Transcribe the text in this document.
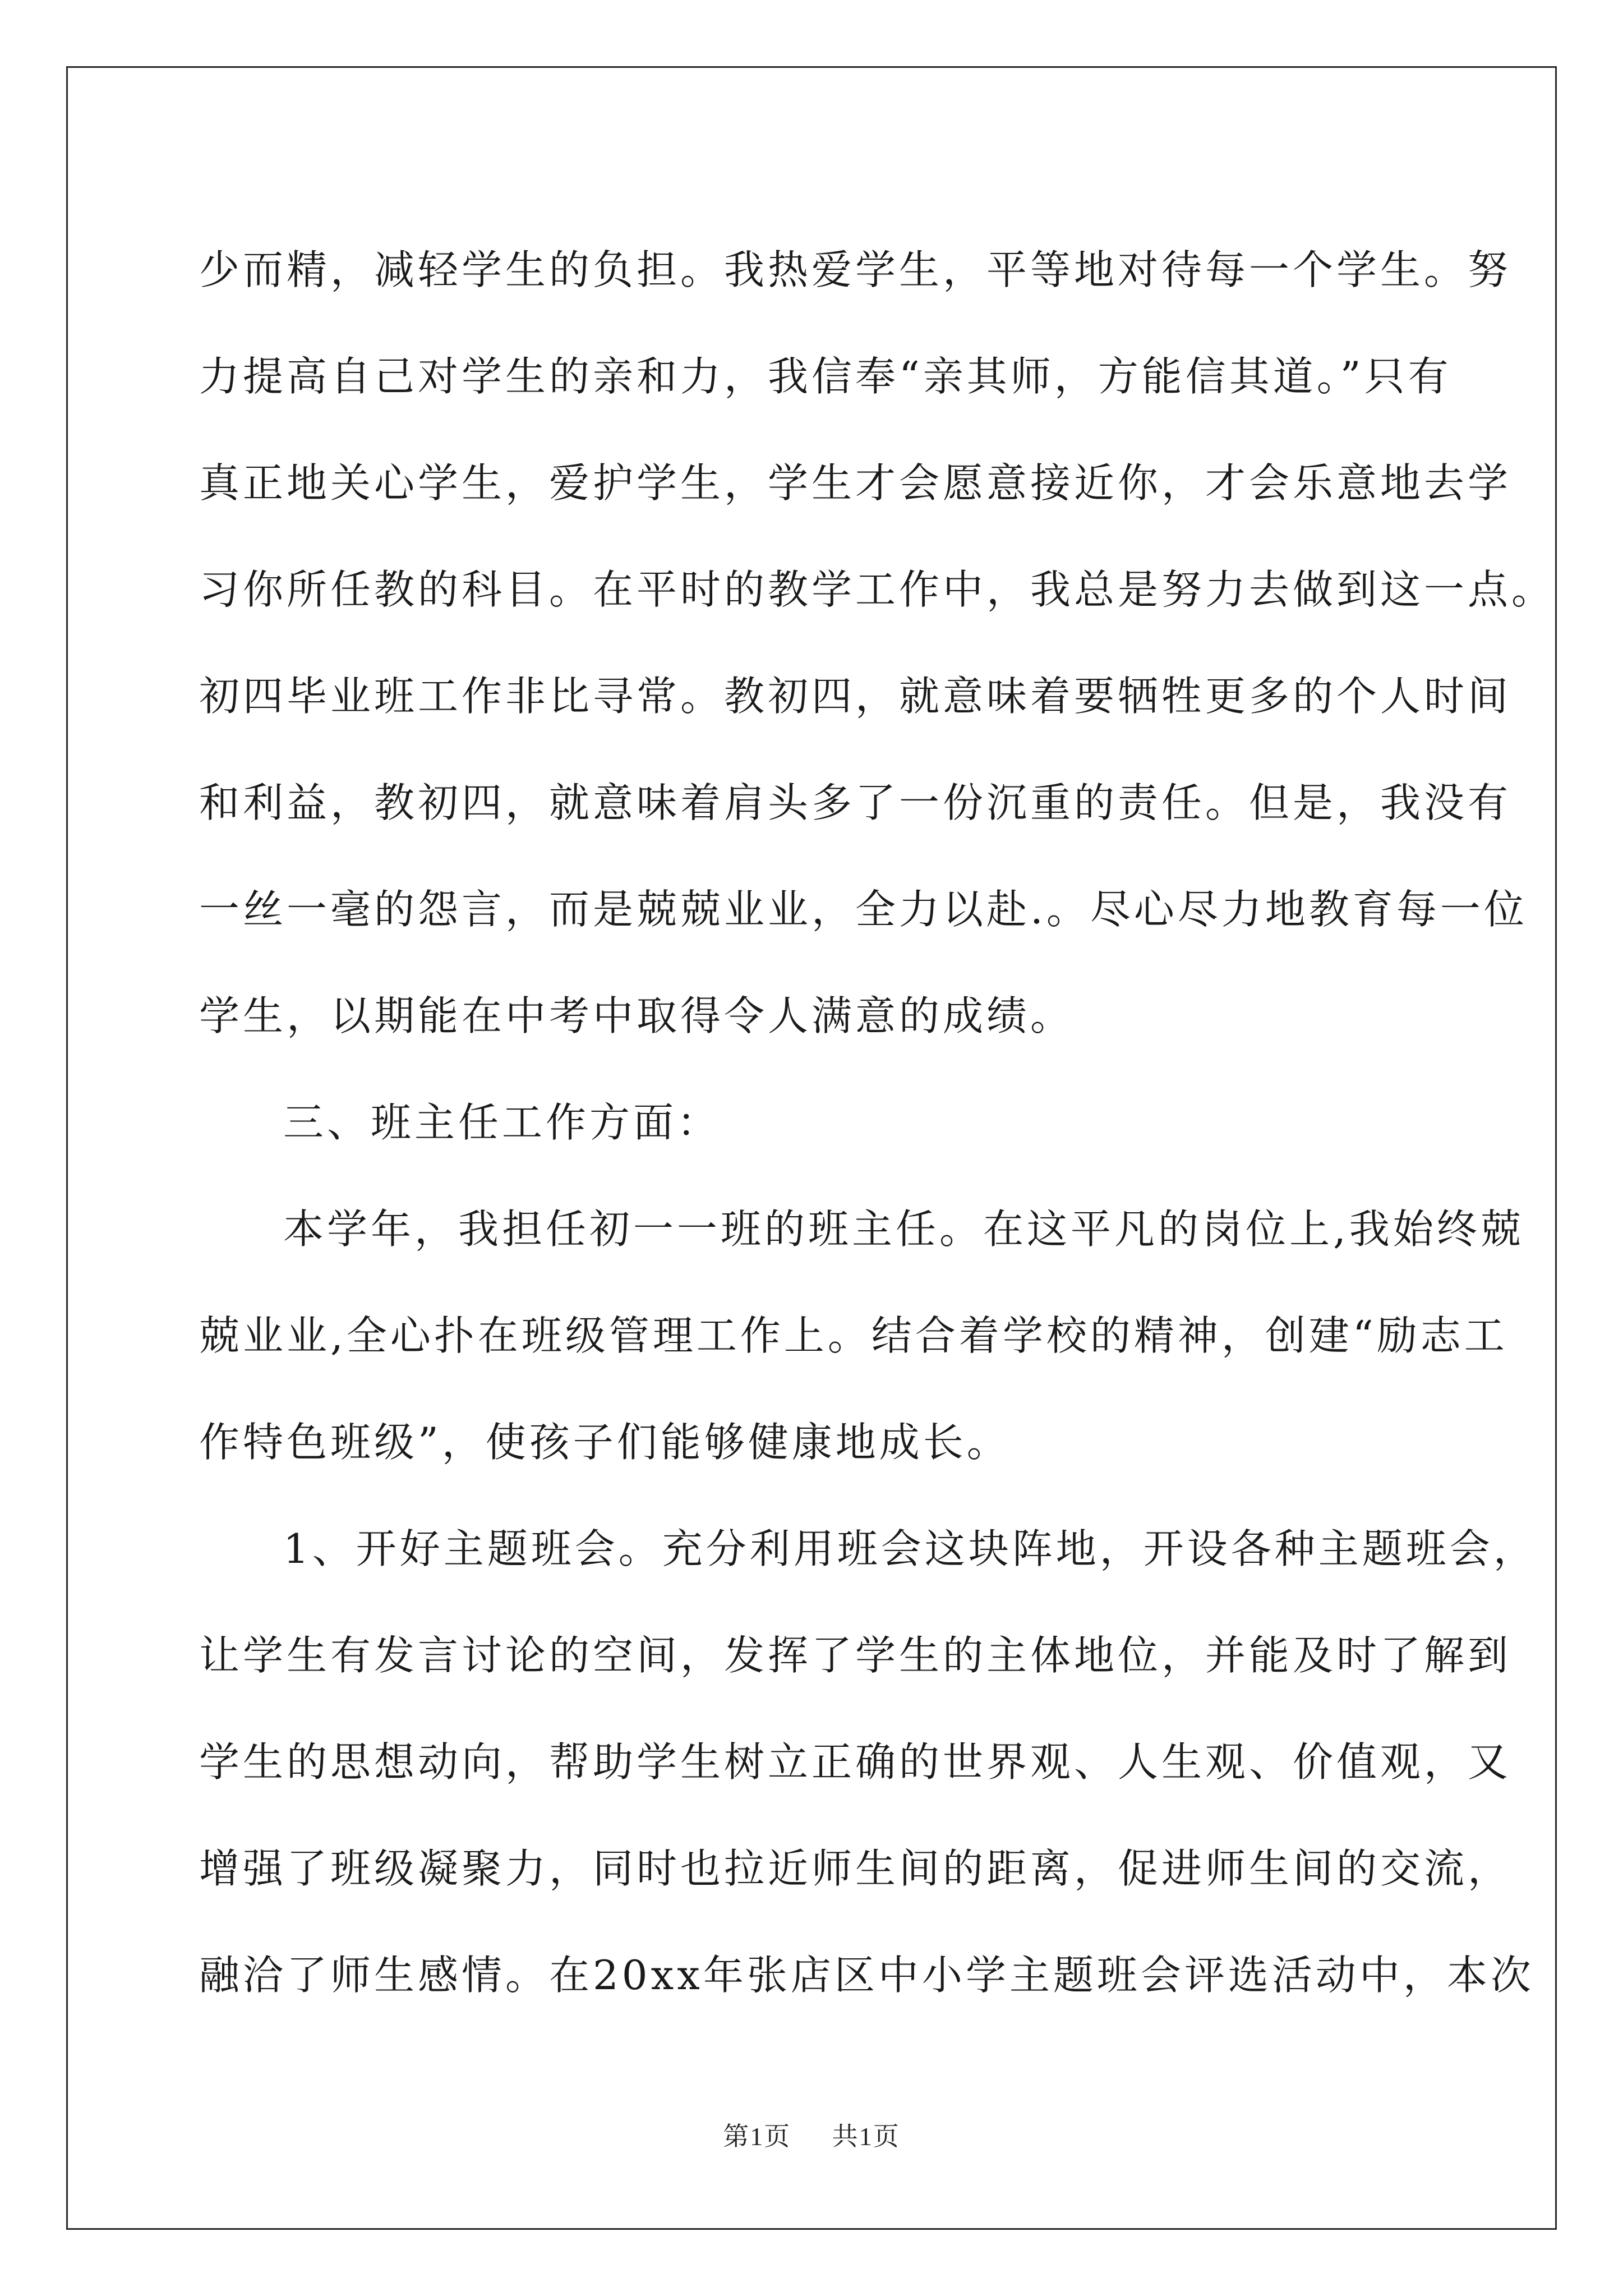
少而精，减轻学生的负担。我热爱学生，平等地对待每一个学生。努
力提高自己对学生的亲和力，我信奉“亲其师，方能信其道。”只有
真正地关心学生，爱护学生，学生才会愿意接近你，才会乐意地去学
习你所任教的科目。在平时的教学工作中，我总是努力去做到这一点。
初四毕业班工作非比寻常。教初四，就意味着要牺牲更多的个人时间
和利益，教初四，就意味着肩头多了一份沉重的责任。但是，我没有
一丝一毫的怨言，而是兢兢业业，全力以赴.。尽心尽力地教育每一位
学生，以期能在中考中取得令人满意的成绩。
三、班主任工作方面：
本学年，我担任初一一班的班主任。在这平凡的岗位上,我始终兢
兢业业,全心扑在班级管理工作上。结合着学校的精神，创建“励志工
作特色班级”，使孩子们能够健康地成长。
1、开好主题班会。充分利用班会这块阵地，开设各种主题班会，
让学生有发言讨论的空间，发挥了学生的主体地位，并能及时了解到
学生的思想动向，帮助学生树立正确的世界观、人生观、价值观，又
增强了班级凝聚力，同时也拉近师生间的距离，促进师生间的交流，
融洽了师生感情。在20xx年张店区中小学主题班会评选活动中，本次
第1页 共1页
